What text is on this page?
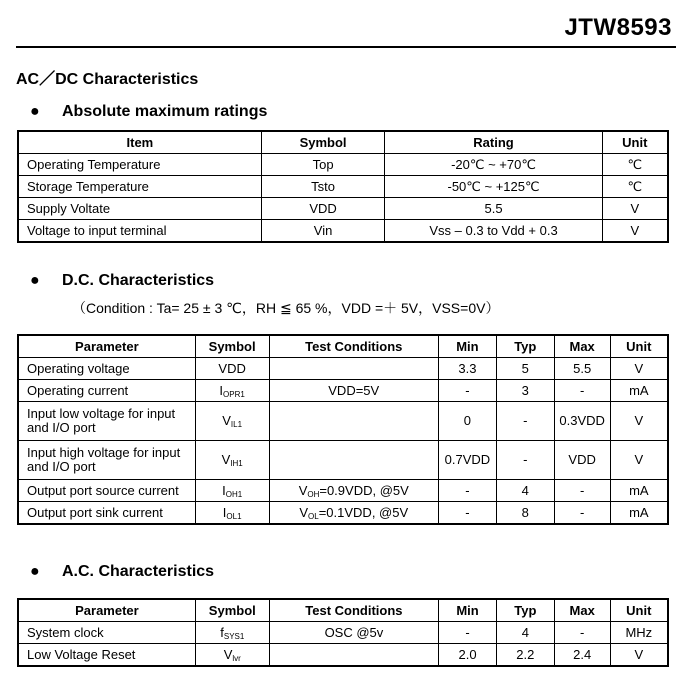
JTW8593
AC／DC Characteristics
● Absolute maximum ratings
Item	Symbol	Rating	Unit
Operating Temperature	Top	-20℃ ~ +70℃	℃
Storage Temperature	Tsto	-50℃ ~ +125℃	℃
Supply Voltate	VDD	5.5	V
Voltage to input terminal	Vin	Vss – 0.3 to Vdd + 0.3	V
● D.C. Characteristics
（Condition : Ta= 25 ± 3 ℃，RH ≦ 65 %，VDD =＋ 5V，VSS=0V）
Parameter	Symbol	Test Conditions	Min	Typ	Max	Unit
Operating voltage	VDD		3.3	5	5.5	V
Operating current	$I_{OPR1}$	VDD=5V	-	3	-	mA
Input low voltage for input and I/O port	$V_{IL1}$		0	-	0.3VDD	V
Input high voltage for input and I/O port	$V_{IH1}$		0.7VDD	-	VDD	V
Output port source current	$I_{OH1}$	$V_{OH}=0.9VDD$, @5V	-	4	-	mA
Output port sink current	$I_{OL1}$	$V_{OL}=0.1VDD$, @5V	-	8	-	mA
● A.C. Characteristics
Parameter	Symbol	Test Conditions	Min	Typ	Max	Unit
System clock	$f_{SYS1}$	OSC @5v	-	4	-	MHz
Low Voltage Reset	$V_{lvr}$		2.0	2.2	2.4	V
